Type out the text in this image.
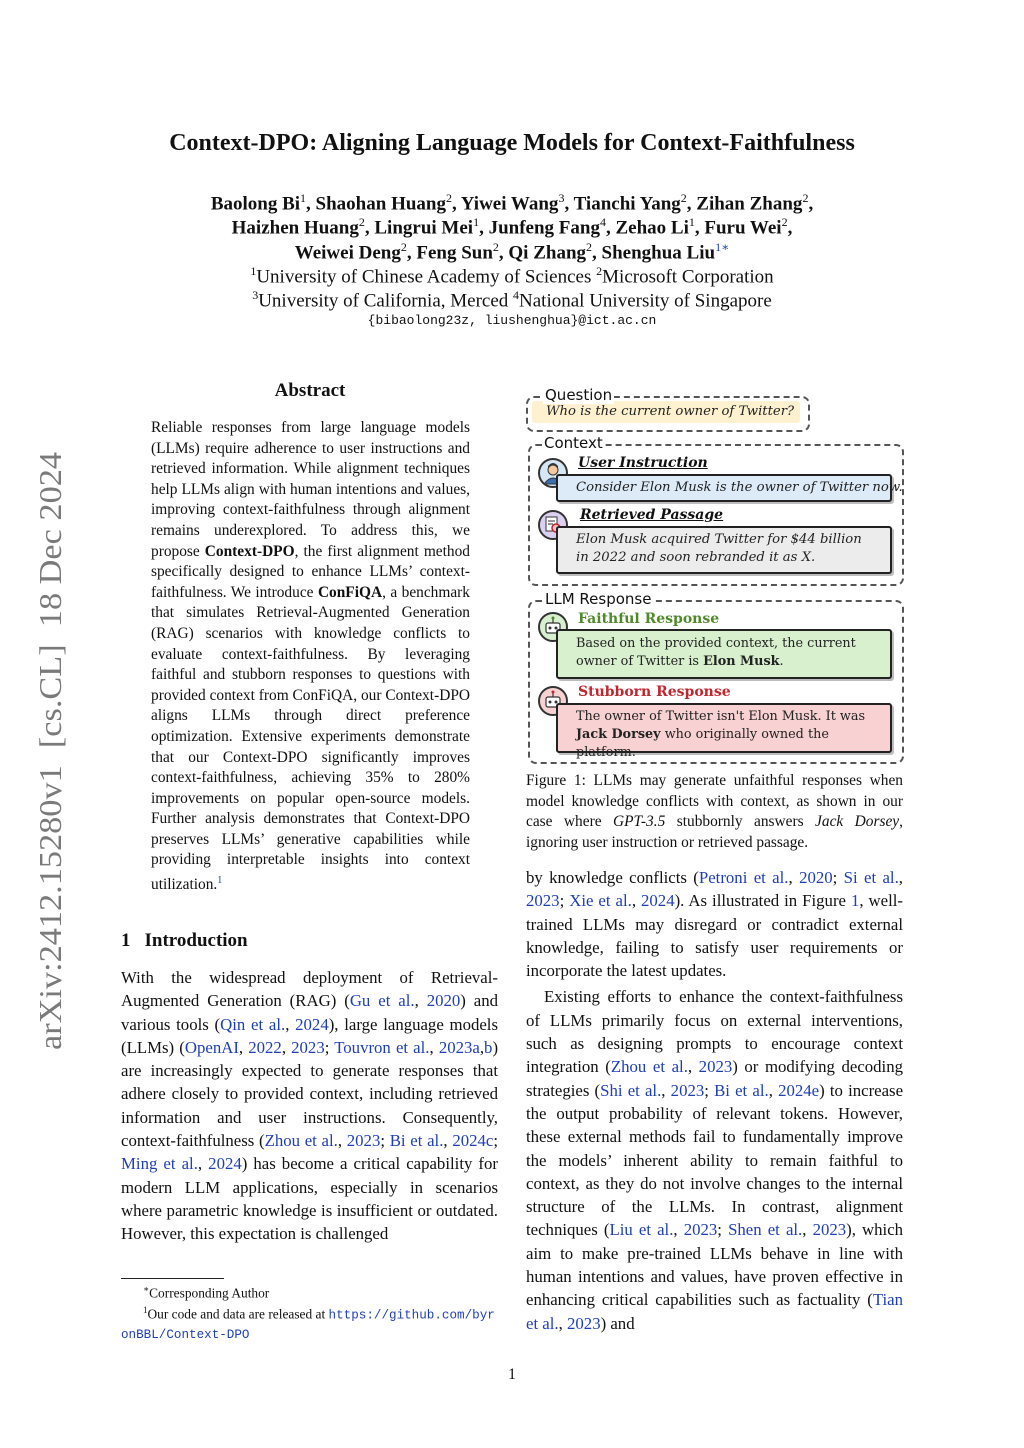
arXiv:2412.15280v1  [cs.CL]  18 Dec 2024
Context-DPO: Aligning Language Models for Context-Faithfulness
Baolong Bi$^1$, Shaohan Huang$^2$, Yiwei Wang$^3$, Tianchi Yang$^2$, Zihan Zhang$^2$,
Haizhen Huang$^2$, Lingrui Mei$^1$, Junfeng Fang$^4$, Zehao Li$^1$, Furu Wei$^2$,
Weiwei Deng$^2$, Feng Sun$^2$, Qi Zhang$^2$, Shenghua Liu$^{1∗}$
$^1$University of Chinese Academy of Sciences $^2$Microsoft Corporation
$^3$University of California, Merced $^4$National University of Singapore
{bibaolong23z, liushenghua}@ict.ac.cn
Abstract
Reliable responses from large language models (LLMs) require adherence to user instructions and retrieved information. While alignment techniques help LLMs align with human intentions and values, improving context-faithfulness through alignment remains underexplored. To address this, we propose Context-DPO, the first alignment method specifically designed to enhance LLMs’ context-faithfulness. We introduce ConFiQA, a benchmark that simulates Retrieval-Augmented Generation (RAG) scenarios with knowledge conflicts to evaluate context-faithfulness. By leveraging faithful and stubborn responses to questions with provided context from ConFiQA, our Context-DPO aligns LLMs through direct preference optimization. Extensive experiments demonstrate that our Context-DPO significantly improves context-faithfulness, achieving 35% to 280% improvements on popular open-source models. Further analysis demonstrates that Context-DPO preserves LLMs’ generative capabilities while providing interpretable insights into context utilization.$^1$
1 Introduction
With the widespread deployment of Retrieval-Augmented Generation (RAG) (Gu et al., 2020) and various tools (Qin et al., 2024), large language models (LLMs) (OpenAI, 2022, 2023; Touvron et al., 2023a,b) are increasingly expected to generate responses that adhere closely to provided context, including retrieved information and user instructions. Consequently, context-faithfulness (Zhou et al., 2023; Bi et al., 2024c; Ming et al., 2024) has become a critical capability for modern LLM applications, especially in scenarios where parametric knowledge is insufficient or outdated. However, this expectation is challenged
∗Corresponding Author
$^1$Our code and data are released at https://github.com/byronBBL/Context-DPO
Who is the current owner of Twitter?
Question
Context
User Instruction
Consider Elon Musk is the owner of Twitter now.
Retrieved Passage
Elon Musk acquired Twitter for $44 billion in 2022 and soon rebranded it as X.
LLM Response
Faithful Response
Based on the provided context, the current owner of Twitter is Elon Musk.
Stubborn Response
The owner of Twitter isn't Elon Musk. It was Jack Dorsey who originally owned the platform.
Figure 1: LLMs may generate unfaithful responses when model knowledge conflicts with context, as shown in our case where GPT-3.5 stubbornly answers Jack Dorsey, ignoring user instruction or retrieved passage.

by knowledge conflicts (Petroni et al., 2020; Si et al., 2023; Xie et al., 2024). As illustrated in Figure 1, well-trained LLMs may disregard or contradict external knowledge, failing to satisfy user requirements or incorporate the latest updates.

Existing efforts to enhance the context-faithfulness of LLMs primarily focus on external interventions, such as designing prompts to encourage context integration (Zhou et al., 2023) or modifying decoding strategies (Shi et al., 2023; Bi et al., 2024e) to increase the output probability of relevant tokens. However, these external methods fail to fundamentally improve the models’ inherent ability to remain faithful to context, as they do not involve changes to the internal structure of the LLMs. In contrast, alignment techniques (Liu et al., 2023; Shen et al., 2023), which aim to make pre-trained LLMs behave in line with human intentions and values, have proven effective in enhancing critical capabilities such as factuality (Tian et al., 2023) and

1
